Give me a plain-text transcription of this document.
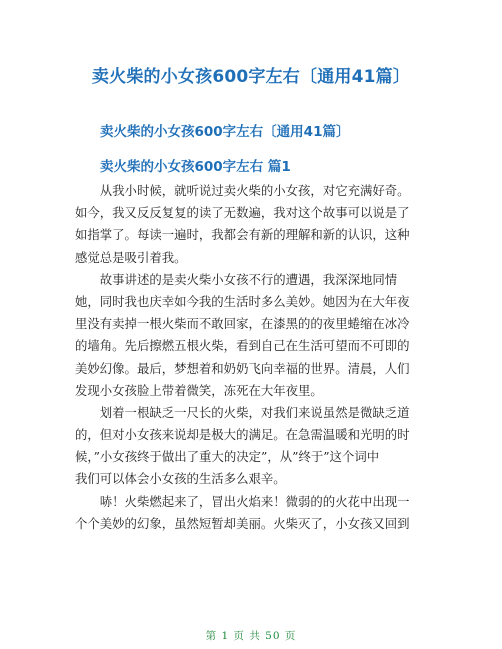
卖火柴的小女孩600字左右〔通用41篇〕
卖火柴的小女孩600字左右〔通用41篇〕
卖火柴的小女孩600字左右 篇1
　　从我小时候，就听说过卖火柴的小女孩，对它充满好奇。
如今，我又反反复复的读了无数遍，我对这个故事可以说是了
如指掌了。每读一遍时，我都会有新的理解和新的认识，这种
感觉总是吸引着我。
　　故事讲述的是卖火柴小女孩不行的遭遇，我深深地同情
她，同时我也庆幸如今我的生活时多么美妙。她因为在大年夜
里没有卖掉一根火柴而不敢回家，在漆黑的的夜里蜷缩在冰冷
的墙角。先后擦燃五根火柴，看到自己在生活可望而不可即的
美妙幻像。最后，梦想着和奶奶飞向幸福的世界。清晨，人们
发现小女孩脸上带着微笑，冻死在大年夜里。
　　划着一根缺乏一尺长的火柴，对我们来说虽然是微缺乏道
的，但对小女孩来说却是极大的满足。在急需温暖和光明的时
候，”小女孩终于做出了重大的决定”，从”终于”这个词中
我们可以体会小女孩的生活多么艰辛。
　　哧！火柴燃起来了，冒出火焰来！微弱的的火花中出现一
个个美妙的幻象，虽然短暂却美丽。火柴灭了，小女孩又回到
第 1 页 共 50 页
